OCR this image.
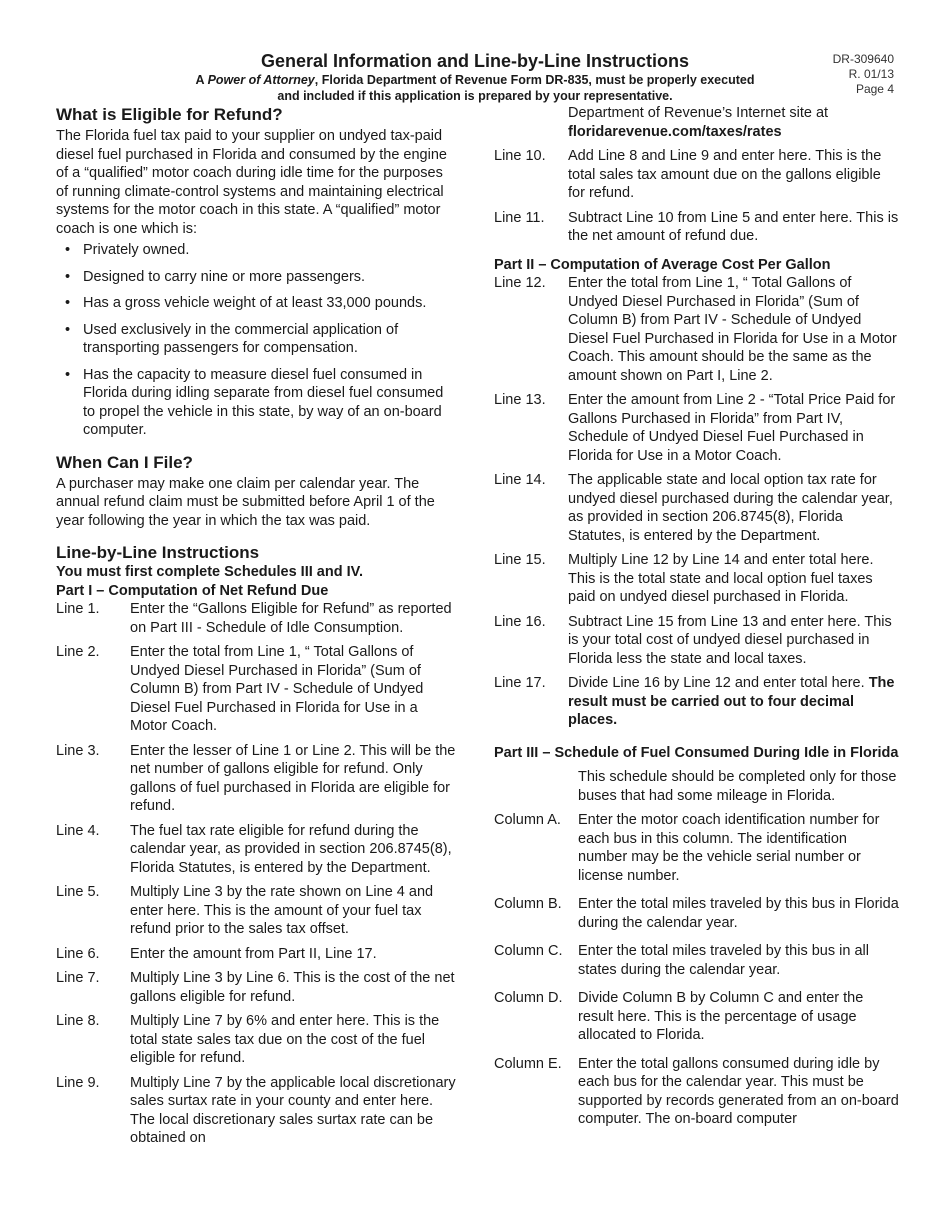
General Information and Line-by-Line Instructions
A Power of Attorney, Florida Department of Revenue Form DR-835, must be properly executed and included if this application is prepared by your representative.
DR-309640
R. 01/13
Page 4
What is Eligible for Refund?

The Florida fuel tax paid to your supplier on undyed tax-paid diesel fuel purchased in Florida and consumed by the engine of a “qualified” motor coach during idle time for the purposes of running climate-control systems and maintaining electrical systems for the motor coach in this state. A “qualified” motor coach is one which is:

• Privately owned.
• Designed to carry nine or more passengers.
• Has a gross vehicle weight of at least 33,000 pounds.
• Used exclusively in the commercial application of transporting passengers for compensation.
• Has the capacity to measure diesel fuel consumed in Florida during idling separate from diesel fuel consumed to propel the vehicle in this state, by way of an on-board computer.
When Can I File?

A purchaser may make one claim per calendar year. The annual refund claim must be submitted before April 1 of the year following the year in which the tax was paid.

Line-by-Line Instructions

You must first complete Schedules III and IV.

Part I – Computation of Net Refund Due

Line 1.	Enter the “Gallons Eligible for Refund” as reported on Part III - Schedule of Idle Consumption.
Line 2.	Enter the total from Line 1, “ Total Gallons of Undyed Diesel Purchased in Florida” (Sum of Column B) from Part IV - Schedule of Undyed Diesel Fuel Purchased in Florida for Use in a Motor Coach.
Line 3.	Enter the lesser of Line 1 or Line 2. This will be the net number of gallons eligible for refund. Only gallons of fuel purchased in Florida are eligible for refund.
Line 4.	The fuel tax rate eligible for refund during the calendar year, as provided in section 206.8745(8), Florida Statutes, is entered by the Department.
Line 5.	Multiply Line 3 by the rate shown on Line 4 and enter here. This is the amount of your fuel tax refund prior to the sales tax offset.
Line 6.	Enter the amount from Part II, Line 17.
Line 7.	Multiply Line 3 by Line 6. This is the cost of the net gallons eligible for refund.
Line 8.	Multiply Line 7 by 6% and enter here. This is the total state sales tax due on the cost of the fuel eligible for refund.
Line 9.	Multiply Line 7 by the applicable local discretionary sales surtax rate in your county and enter here. The local discretionary sales surtax rate can be obtained on

Department of Revenue’s Internet site at floridarevenue.com/taxes/rates

Line 10.	Add Line 8 and Line 9 and enter here. This is the total sales tax amount due on the gallons eligible for refund.
Line 11.	Subtract Line 10 from Line 5 and enter here. This is the net amount of refund due.

Part II – Computation of Average Cost Per Gallon

Line 12.	Enter the total from Line 1, “ Total Gallons of Undyed Diesel Purchased in Florida” (Sum of Column B) from Part IV - Schedule of Undyed Diesel Fuel Purchased in Florida for Use in a Motor Coach. This amount should be the same as the amount shown on Part I, Line 2.
Line 13.	Enter the amount from Line 2 - “Total Price Paid for Gallons Purchased in Florida” from Part IV, Schedule of Undyed Diesel Fuel Purchased in Florida for Use in a Motor Coach.
Line 14.	The applicable state and local option tax rate for undyed diesel purchased during the calendar year, as provided in section 206.8745(8), Florida Statutes, is entered by the Department.
Line 15.	Multiply Line 12 by Line 14 and enter total here. This is the total state and local option fuel taxes paid on undyed diesel purchased in Florida.
Line 16.	Subtract Line 15 from Line 13 and enter here. This is your total cost of undyed diesel purchased in Florida less the state and local taxes.
Line 17.	Divide Line 16 by Line 12 and enter total here. The result must be carried out to four decimal places.

Part III – Schedule of Fuel Consumed During Idle in Florida

This schedule should be completed only for those buses that had some mileage in Florida.

Column A.	Enter the motor coach identification number for each bus in this column. The identification number may be the vehicle serial number or license number.
Column B.	Enter the total miles traveled by this bus in Florida during the calendar year.
Column C.	Enter the total miles traveled by this bus in all states during the calendar year.
Column D.	Divide Column B by Column C and enter the result here. This is the percentage of usage allocated to Florida.
Column E.	Enter the total gallons consumed during idle by each bus for the calendar year. This must be supported by records generated from an on-board computer. The on-board computer
